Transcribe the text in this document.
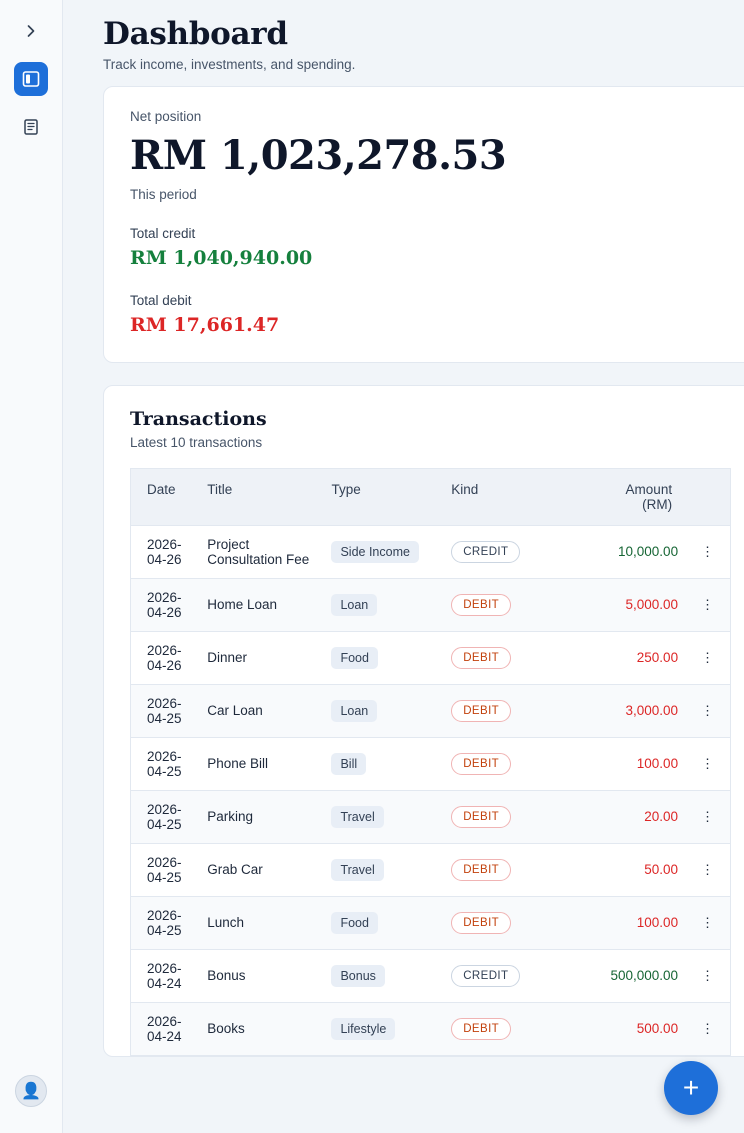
👤
Dashboard
Track income, investments, and spending.
Net position
RM 1,023,278.53
This period
Total credit
RM 1,040,940.00
Total debit
RM 17,661.47
Transactions
Latest 10 transactions
Date	Title	Type	Kind	Amount
(RM)	

2026-04-26	Project Consultation Fee	Side Income	CREDIT	10,000.00	⋮
2026-04-26	Home Loan	Loan	DEBIT	5,000.00	⋮
2026-04-26	Dinner	Food	DEBIT	250.00	⋮
2026-04-25	Car Loan	Loan	DEBIT	3,000.00	⋮
2026-04-25	Phone Bill	Bill	DEBIT	100.00	⋮
2026-04-25	Parking	Travel	DEBIT	20.00	⋮
2026-04-25	Grab Car	Travel	DEBIT	50.00	⋮
2026-04-25	Lunch	Food	DEBIT	100.00	⋮
2026-04-24	Bonus	Bonus	CREDIT	500,000.00	⋮
2026-04-24	Books	Lifestyle	DEBIT	500.00	⋮
+
